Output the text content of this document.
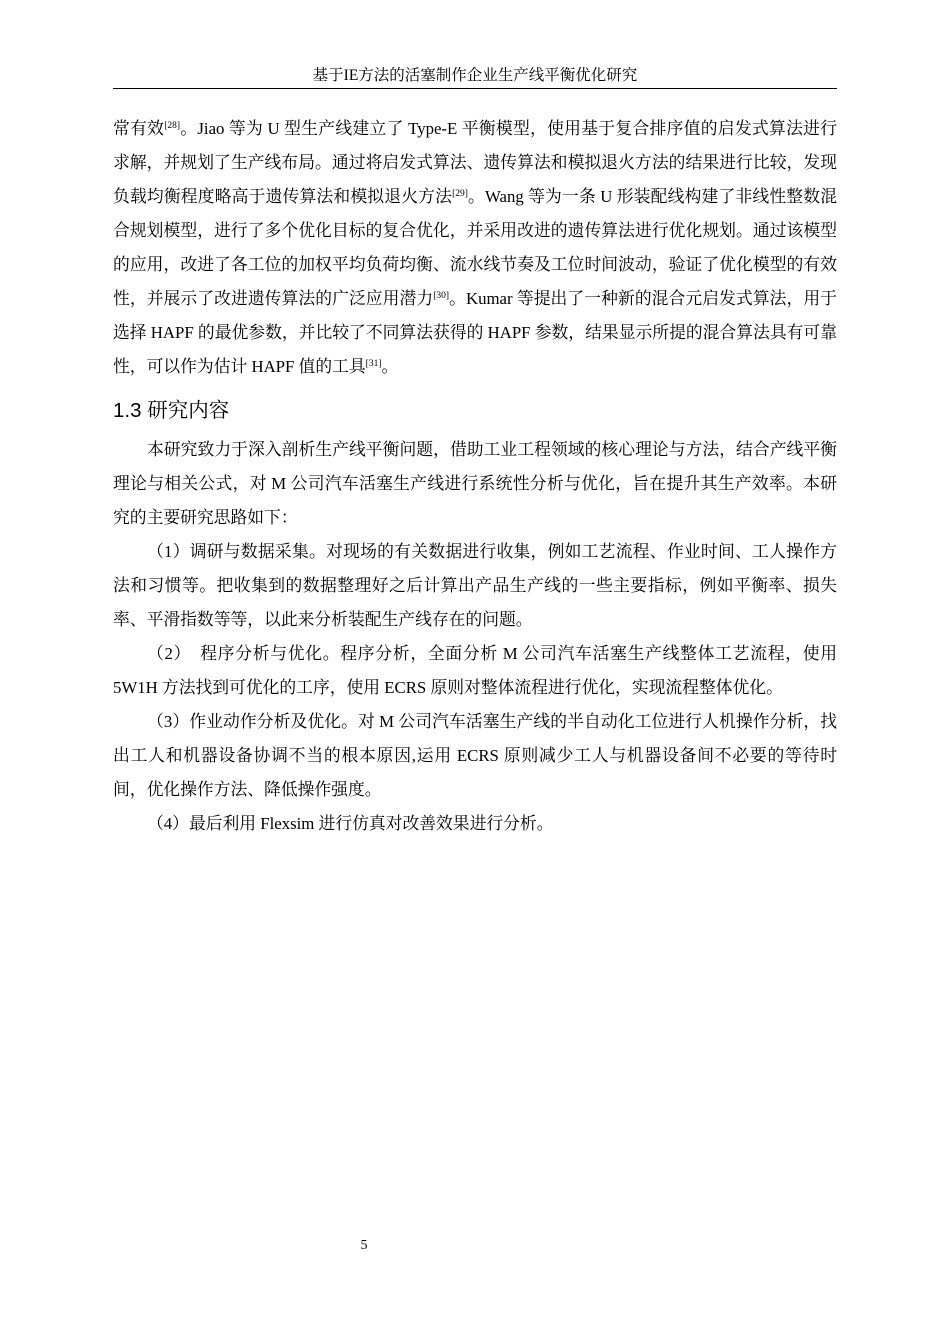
基于IE方法的活塞制作企业生产线平衡优化研究

常有效[28]。Jiao 等为 U 型生产线建立了 Type-E 平衡模型，使用基于复合排序值的启发式算法进行求解，并规划了生产线布局。通过将启发式算法、遗传算法和模拟退火方法的结果进行比较，发现负载均衡程度略高于遗传算法和模拟退火方法[29]。Wang 等为一条 U 形装配线构建了非线性整数混合规划模型，进行了多个优化目标的复合优化，并采用改进的遗传算法进行优化规划。通过该模型的应用，改进了各工位的加权平均负荷均衡、流水线节奏及工位时间波动，验证了优化模型的有效性，并展示了改进遗传算法的广泛应用潜力[30]。Kumar 等提出了一种新的混合元启发式算法，用于选择 HAPF 的最优参数，并比较了不同算法获得的 HAPF 参数，结果显示所提的混合算法具有可靠性，可以作为估计 HAPF 值的工具[31]。

1.3 研究内容

本研究致力于深入剖析生产线平衡问题，借助工业工程领域的核心理论与方法，结合产线平衡理论与相关公式，对 M 公司汽车活塞生产线进行系统性分析与优化，旨在提升其生产效率。本研究的主要研究思路如下：

（1）调研与数据采集。对现场的有关数据进行收集，例如工艺流程、作业时间、工人操作方法和习惯等。把收集到的数据整理好之后计算出产品生产线的一些主要指标，例如平衡率、损失率、平滑指数等等，以此来分析装配生产线存在的问题。

（2）　程序分析与优化。程序分析，全面分析 M 公司汽车活塞生产线整体工艺流程，使用 5W1H 方法找到可优化的工序，使用 ECRS 原则对整体流程进行优化，实现流程整体优化。

（3）作业动作分析及优化。对 M 公司汽车活塞生产线的半自动化工位进行人机操作分析，找出工人和机器设备协调不当的根本原因,运用 ECRS 原则减少工人与机器设备间不必要的等待时间，优化操作方法、降低操作强度。

（4）最后利用 Flexsim 进行仿真对改善效果进行分析。

5
